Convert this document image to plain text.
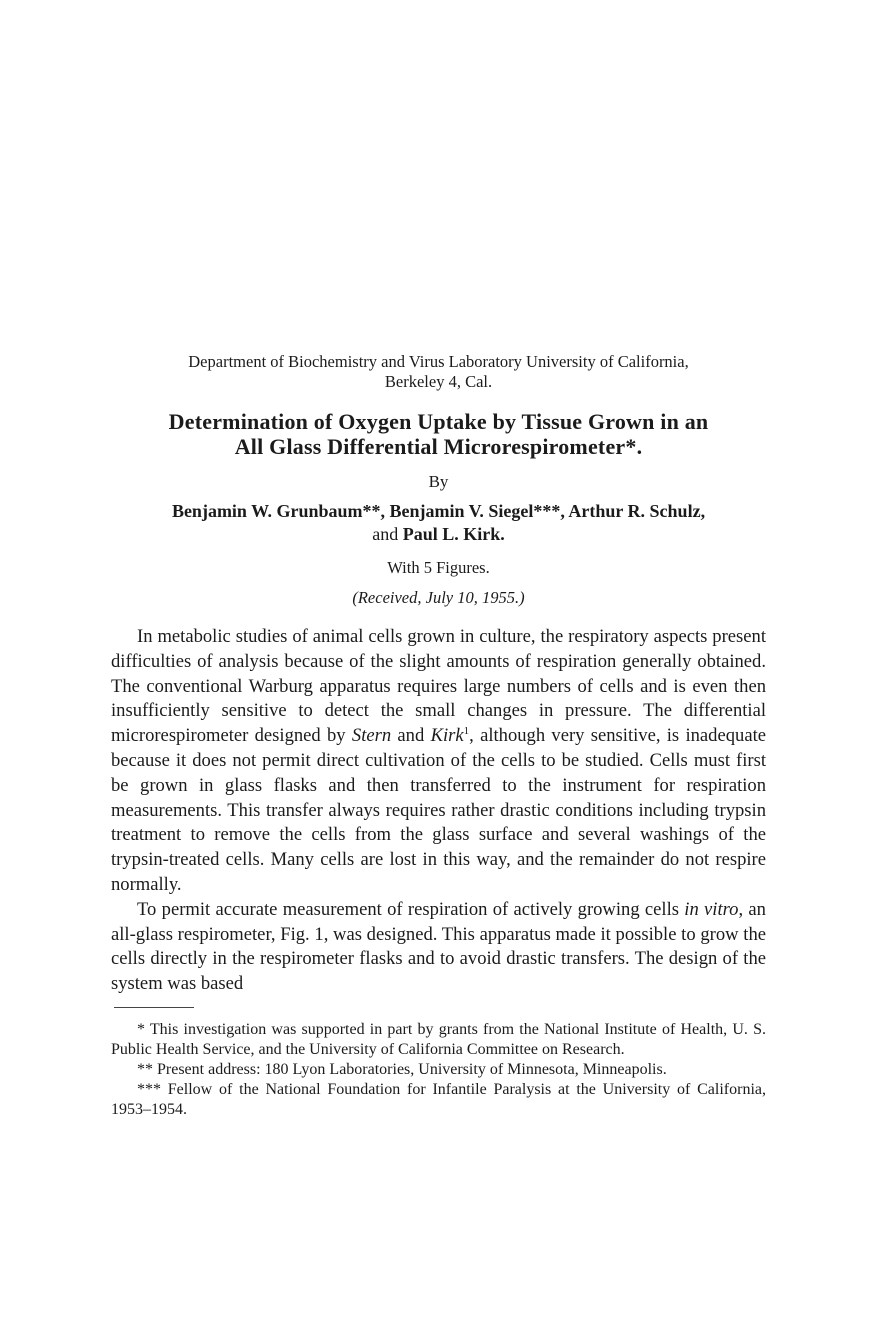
Department of Biochemistry and Virus Laboratory University of California,
Berkeley 4, Cal.
Determination of Oxygen Uptake by Tissue Grown in an
All Glass Differential Microrespirometer*.
By
Benjamin W. Grunbaum**, Benjamin V. Siegel***, Arthur R. Schulz,
and Paul L. Kirk.
With 5 Figures.
(Received, July 10, 1955.)

In metabolic studies of animal cells grown in culture, the respiratory aspects present difficulties of analysis because of the slight amounts of respiration generally obtained. The conventional Warburg apparatus requires large numbers of cells and is even then insufficiently sensitive to detect the small changes in pressure. The differential microrespirometer designed by Stern and Kirk$^1$, although very sensitive, is inadequate because it does not permit direct cultivation of the cells to be studied. Cells must first be grown in glass flasks and then transferred to the instrument for respiration measurements. This transfer always requires rather drastic conditions including trypsin treatment to remove the cells from the glass surface and several washings of the trypsin-treated cells. Many cells are lost in this way, and the remainder do not respire normally.

To permit accurate measurement of respiration of actively growing cells in vitro, an all-glass respirometer, Fig. 1, was designed. This apparatus made it possible to grow the cells directly in the respirometer flasks and to avoid drastic transfers. The design of the system was based

* This investigation was supported in part by grants from the National Institute of Health, U. S. Public Health Service, and the University of California Committee on Research.

** Present address: 180 Lyon Laboratories, University of Minnesota, Minneapolis.

*** Fellow of the National Foundation for Infantile Paralysis at the University of California, 1953–1954.
